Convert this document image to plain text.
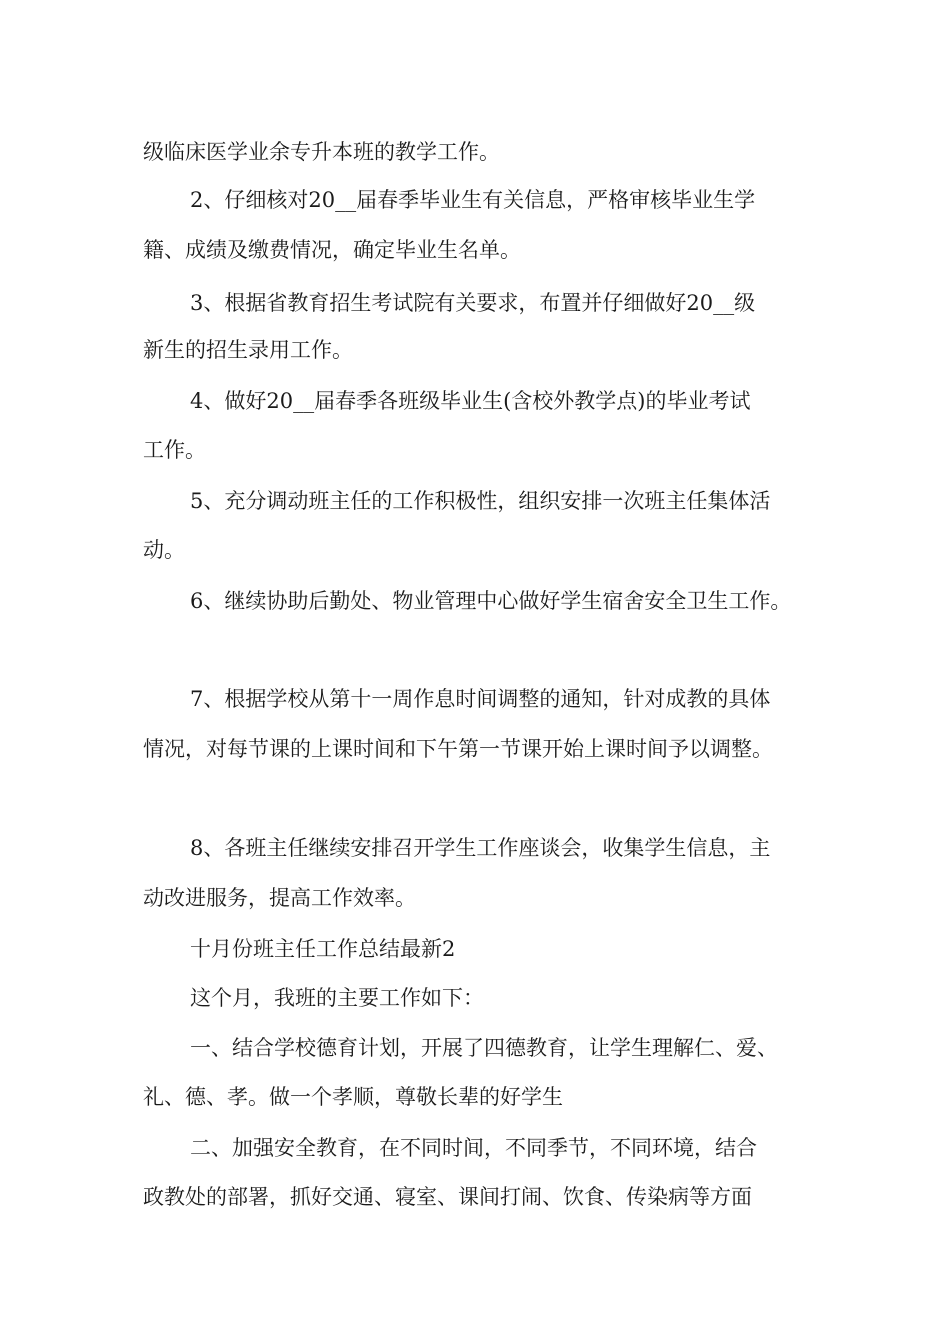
级临床医学业余专升本班的教学工作。

2、仔细核对20__届春季毕业生有关信息，严格审核毕业生学

籍、成绩及缴费情况，确定毕业生名单。

3、根据省教育招生考试院有关要求，布置并仔细做好20__级

新生的招生录用工作。

4、做好20__届春季各班级毕业生(含校外教学点)的毕业考试

工作。

5、充分调动班主任的工作积极性，组织安排一次班主任集体活

动。

6、继续协助后勤处、物业管理中心做好学生宿舍安全卫生工作。

7、根据学校从第十一周作息时间调整的通知，针对成教的具体

情况，对每节课的上课时间和下午第一节课开始上课时间予以调整。

8、各班主任继续安排召开学生工作座谈会，收集学生信息，主

动改进服务，提高工作效率。

十月份班主任工作总结最新2

这个月，我班的主要工作如下：

一、结合学校德育计划，开展了四德教育，让学生理解仁、爱、

礼、德、孝。做一个孝顺，尊敬长辈的好学生

二、加强安全教育，在不同时间，不同季节，不同环境，结合

政教处的部署，抓好交通、寝室、课间打闹、饮食、传染病等方面
